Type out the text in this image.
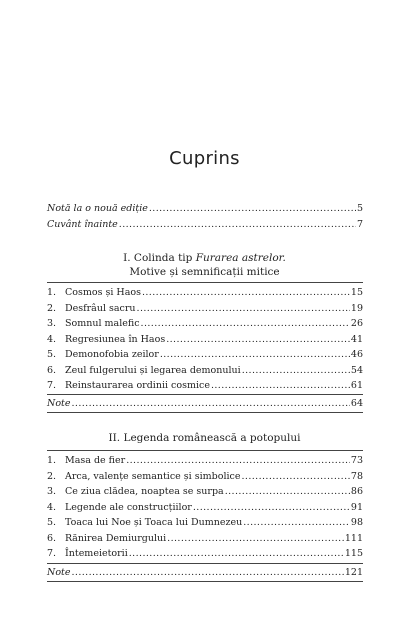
Cuprins
Notă la o nouă ediție .....	5
Cuvânt înainte .....	7
I. Colinda tip Furarea astrelor.
Motive și semnificații mitice
1. Cosmos și Haos .....	15
2. Desfrâul sacru .....	19
3. Somnul malefic .....	26
4. Regresiunea în Haos .....	41
5. Demonofobia zeilor .....	46
6. Zeul fulgerului și legarea demonului .....	54
7. Reinstaurarea ordinii cosmice .....	61
Note .....	64
II. Legenda românească a potopului
1. Masa de fier .....	73
2. Arca, valențe semantice și simbolice .....	78
3. Ce ziua clădea, noaptea se surpa .....	86
4. Legende ale construcțiilor .....	91
5. Toaca lui Noe și Toaca lui Dumnezeu .....	98
6. Rănirea Demiurgului .....	111
7. Întemeietorii .....	115
Note .....	121
